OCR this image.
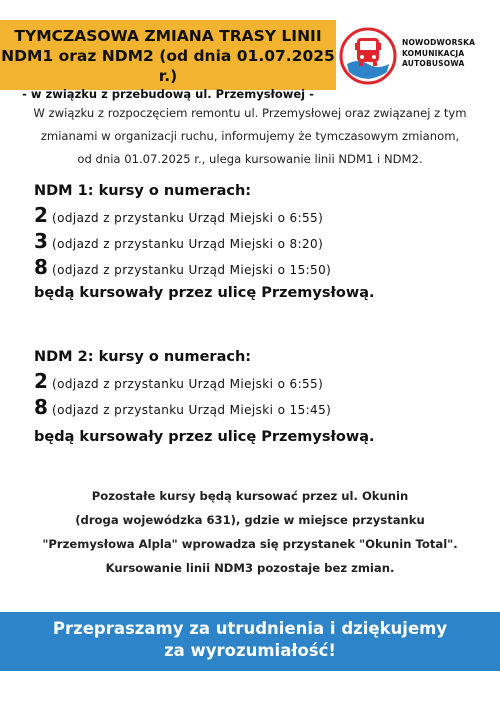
TYMCZASOWA ZMIANA TRASY LINII
NDM1 oraz NDM2 (od dnia 01.07.2025 r.)
- w związku z przebudową ul. Przemysłowej -
NOWODWORSKA
KOMUNIKACJA
AUTOBUSOWA
W związku z rozpoczęciem remontu ul. Przemysłowej oraz związanej z tym
zmianami w organizacji ruchu, informujemy że tymczasowym zmianom,
od dnia 01.07.2025 r., ulega kursowanie linii NDM1 i NDM2.
NDM 1: kursy o numerach:
2 (odjazd z przystanku Urząd Miejski o 6:55)
3 (odjazd z przystanku Urząd Miejski o 8:20)
8 (odjazd z przystanku Urząd Miejski o 15:50)
będą kursowały przez ulicę Przemysłową.
NDM 2: kursy o numerach:
2 (odjazd z przystanku Urząd Miejski o 6:55)
8 (odjazd z przystanku Urząd Miejski o 15:45)
będą kursowały przez ulicę Przemysłową.
Pozostałe kursy będą kursować przez ul. Okunin
(droga wojewódzka 631), gdzie w miejsce przystanku
"Przemysłowa Alpla" wprowadza się przystanek "Okunin Total".
Kursowanie linii NDM3 pozostaje bez zmian.
Przepraszamy za utrudnienia i dziękujemy
za wyrozumiałość!
